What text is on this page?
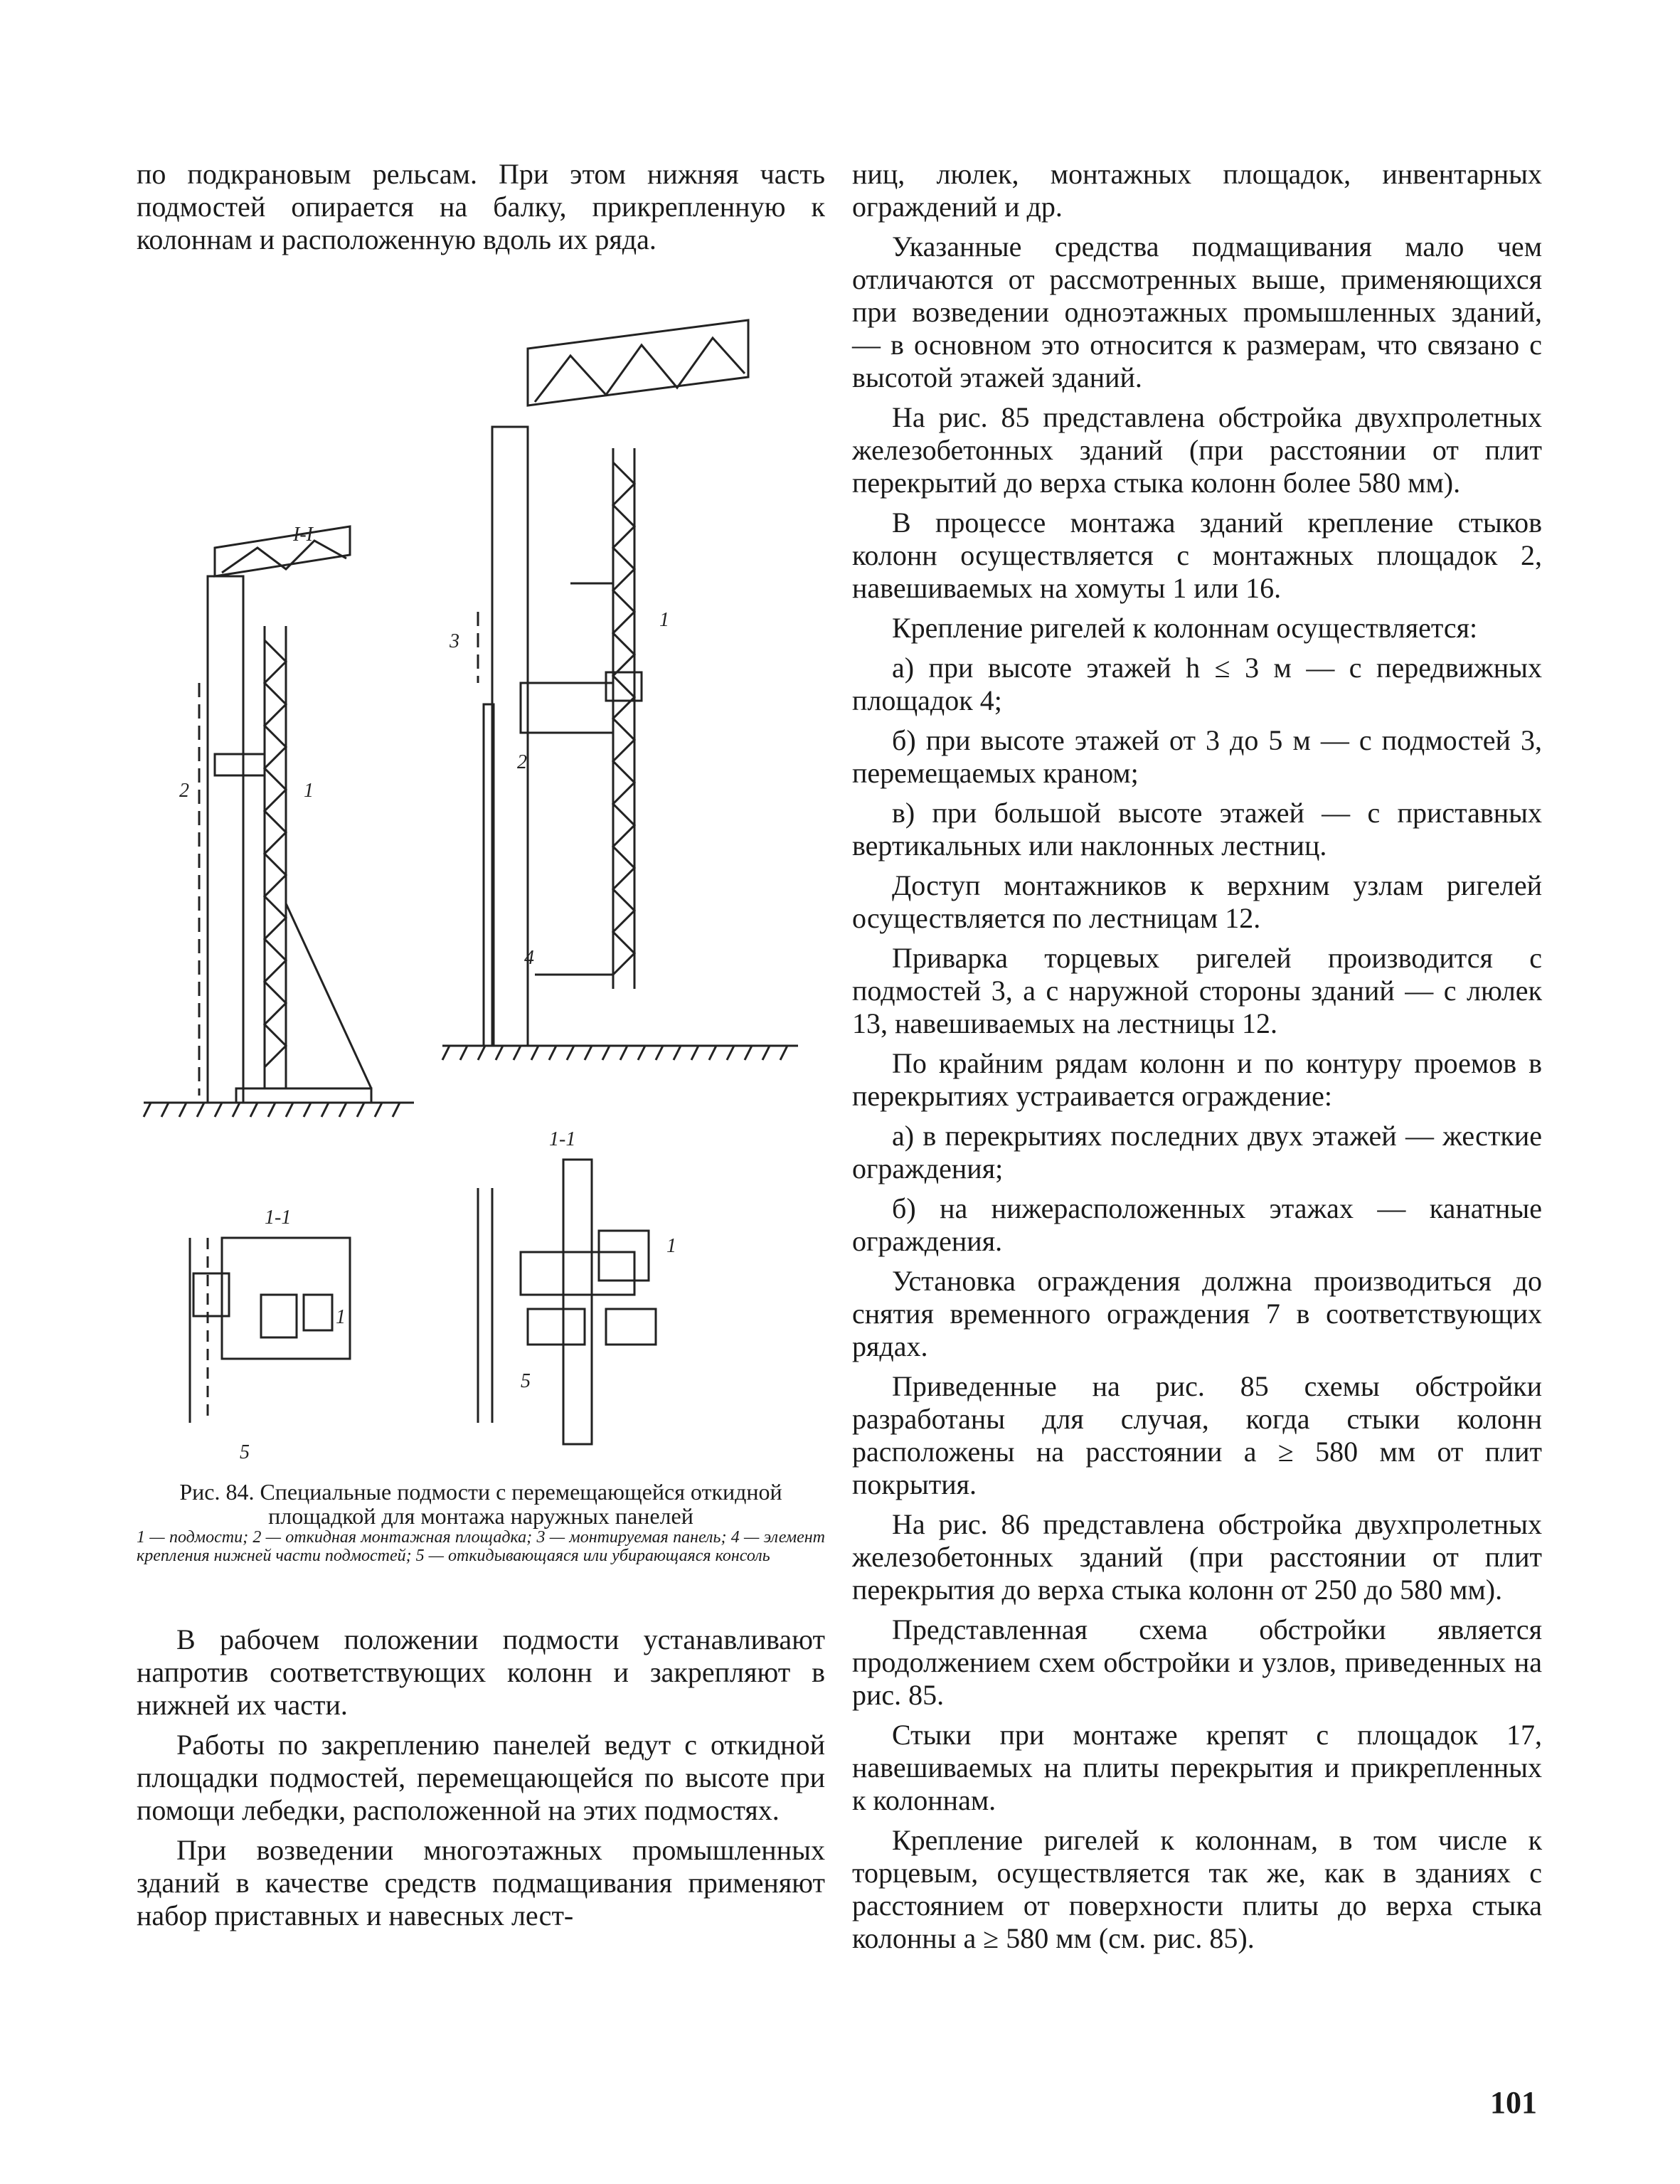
по подкрановым рельсам. При этом нижняя часть подмостей опирается на балку, прикрепленную к колоннам и расположенную вдоль их ряда.

1
2
3
1
2
4
5
5
1
1
I-I
1-1
1-1
Рис. 84. Специальные подмости с перемещающейся откидной площадкой для монтажа наружных панелей
1 — подмости; 2 — откидная монтажная площадка; 3 — монтируемая панель; 4 — элемент крепления нижней части подмостей; 5 — откидывающаяся или убирающаяся консоль

В рабочем положении подмости устанавливают напротив соответствующих колонн и закрепляют в нижней их части.

Работы по закреплению панелей ведут с откидной площадки подмостей, перемещающейся по высоте при помощи лебедки, расположенной на этих подмостях.

При возведении многоэтажных промышленных зданий в качестве средств подмащивания применяют набор приставных и навесных лест-

ниц, люлек, монтажных площадок, инвентарных ограждений и др.

Указанные средства подмащивания мало чем отличаются от рассмотренных выше, применяющихся при возведении одноэтажных промышленных зданий, — в основном это относится к размерам, что связано с высотой этажей зданий.

На рис. 85 представлена обстройка двухпролетных железобетонных зданий (при расстоянии от плит перекрытий до верха стыка колонн более 580 мм).

В процессе монтажа зданий крепление стыков колонн осуществляется с монтажных площадок 2, навешиваемых на хомуты 1 или 16.

Крепление ригелей к колоннам осуществляется:

а) при высоте этажей h ≤ 3 м — с передвижных площадок 4;

б) при высоте этажей от 3 до 5 м — с подмостей 3, перемещаемых краном;

в) при большой высоте этажей — с приставных вертикальных или наклонных лестниц.

Доступ монтажников к верхним узлам ригелей осуществляется по лестницам 12.

Приварка торцевых ригелей производится с подмостей 3, а с наружной стороны зданий — с люлек 13, навешиваемых на лестницы 12.

По крайним рядам колонн и по контуру проемов в перекрытиях устраивается ограждение:

а) в перекрытиях последних двух этажей — жесткие ограждения;

б) на нижерасположенных этажах — канатные ограждения.

Установка ограждения должна производиться до снятия временного ограждения 7 в соответствующих рядах.

Приведенные на рис. 85 схемы обстройки разработаны для случая, когда стыки колонн расположены на расстоянии a ≥ 580 мм от плит покрытия.

На рис. 86 представлена обстройка двухпролетных железобетонных зданий (при расстоянии от плит перекрытия до верха стыка колонн от 250 до 580 мм).

Представленная схема обстройки является продолжением схем обстройки и узлов, приведенных на рис. 85.

Стыки при монтаже крепят с площадок 17, навешиваемых на плиты перекрытия и прикрепленных к колоннам.

Крепление ригелей к колоннам, в том числе к торцевым, осуществляется так же, как в зданиях с расстоянием от поверхности плиты до верха стыка колонны a ≥ 580 мм (см. рис. 85).

101
